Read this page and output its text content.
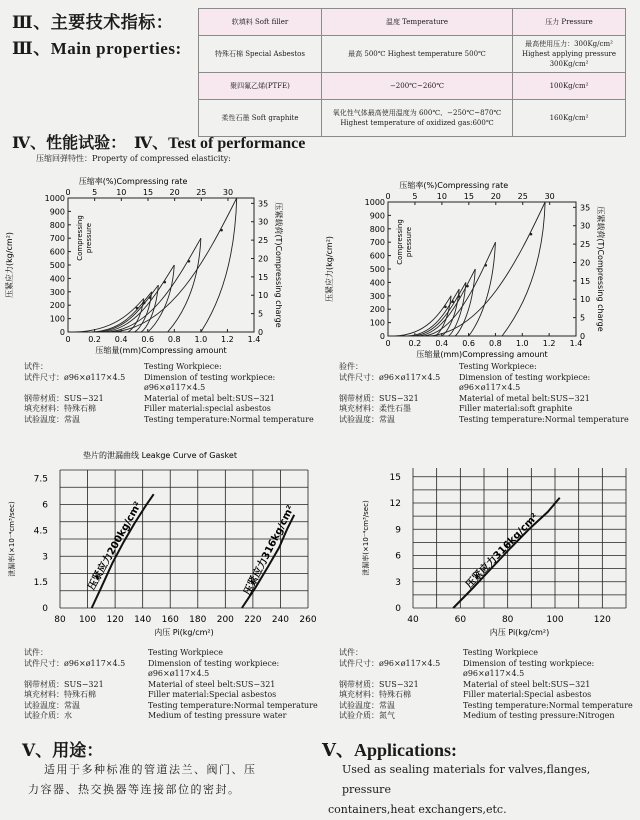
Ⅲ、主要技术指标：
Ⅲ、Main properties:
软填料 Soft filler	温度 Temperature	压力 Pressure
特殊石棉 Special Asbestos	最高 500℃ Highest temperature 500℃	最高使用压力：300Kg/cm²
Highest applying pressure 300Kg/cm²

聚四氟乙烯(PTFE)	−200℃~260℃	100Kg/cm²
柔性石墨 Soft graphite	氧化性气体最高使用温度为 600℃、−250℃~870℃
Highest temperature of oxidized gas:600℃	160Kg/cm²
Ⅳ、性能试验： Ⅳ、Test of performance
压缩回弹特性：Property of compressed elasticity:
0 0.2 0.4 0.6 0.8 1.0 1.2 1.4
0	5 10 15 20 25 30
压缩率(%)Compressing rate
0
100
200
300
400
500
600
700
800
900
1000
0
5
10
15
20
25
30
35
压缩量(mm)Compressing amount
压紧应力(kg/cm²)	压紧载荷(T)Compressing charge
Compressing pressure
0 0.2 0.4 0.6 0.8 1.0 1.2 1.4
0	5 10 15 20 25 30
压缩率(%)Compressing rate
0
100
200
300
400
500
600
700
800
900
1000
0
5
10
15
20
25
30
35
压缩量(mm)Compressing amount
压紧应力(kg/cm²)	压紧载荷(T)Compressing charge
Compressing pressure
80 100 120 140 160 180 200 220 240 260
0
1.5
3
4.5
6
7.5
内压 Pi(kg/cm²)
泄漏率(×10⁻⁴cm³/sec)
垫片的泄漏曲线 Leakge Curve of Gasket
压紧应力200kg/cm²	压紧应力316kg/cm²
40	60	80	100	120
0
3
6
9
12
15
内压 Pi(kg/cm²)
泄漏率(×10⁻⁴cm³/sec)	压紧应力316kg/cm²
试件：	Testing Workpiece:
试件尺寸：ø96×ø117×4.5 Dimension of testing workpiece:
ø96×ø117×4.5
钢带材质：SUS−321	Material of metal belt:SUS−321
填充材料：特殊石棉	Filler material:special asbestos
试验温度：常温	Testing temperature:Normal temperature
验件：	Testing Workpiece:
试件尺寸：ø96×ø117×4.5 Dimension of testing workpiece:
ø96×ø117×4.5
钢带材质：SUS−321	Material of metal belt:SUS−321
填充材料：柔性石墨	Filler material:soft graphite
试验温度：常温	Testing temperature:Normal temperature
试件：	Testing Workpiece
试件尺寸：ø96×ø117×4.5	Dimension of testing workpiece:
ø96×ø117×4.5
钢带材质：SUS−321	Material of steel belt:SUS−321
填充材料：特殊石棉	Filler material:Special asbestos
试验温度：常温	Testing temperature:Normal temperature
试验介质：水	Medium of testing pressure water
试件：	Testing Workpiece
试件尺寸：ø96×ø117×4.5	Dimension of testing workpiece:
ø96×ø117×4.5
钢带材质：SUS−321	Material of steel belt:SUS−321
填充材料：特殊石棉	Filler material:Special asbestos
试验温度：常温	Testing temperature:Normal temperature
试验介质：氮气	Medium of testing pressure:Nitrogen
Ⅴ、用途：	Ⅴ、Applications:
适用于多种标准的管道法兰、阀门、压
力容器、热交换器等连接部位的密封。
Used as sealing materials for valves,flanges, pressure
containers,heat exchangers,etc.
